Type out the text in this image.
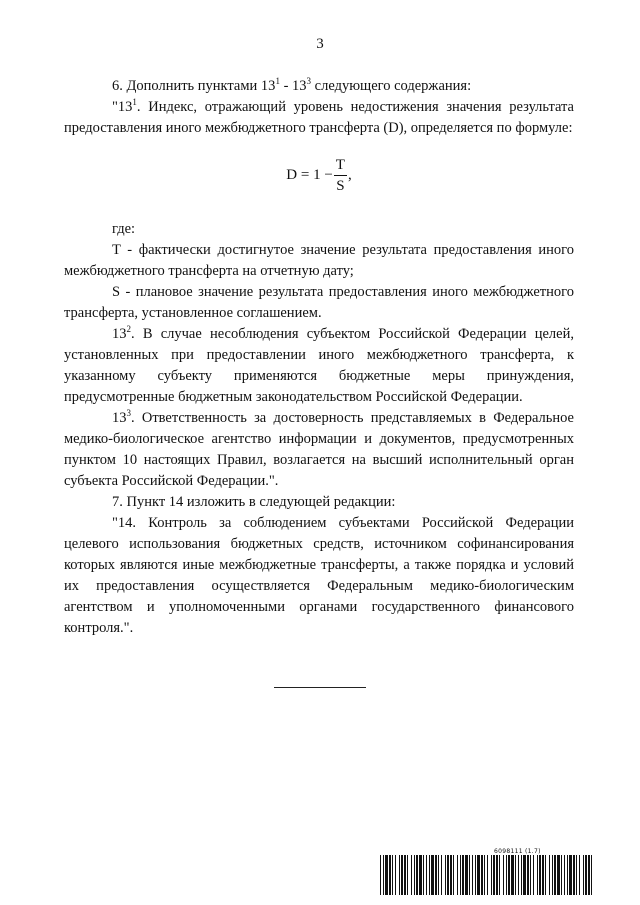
3

6. Дополнить пунктами $13^1 - 13^3$ следующего содержания:

"$13^1$. Индекс, отражающий уровень недостижения значения результата предоставления иного межбюджетного трансферта (D), определяется по формуле:

$D = 1 - \frac{T}{S}$ ,

где:

T - фактически достигнутое значение результата предоставления иного межбюджетного трансферта на отчетную дату;

S - плановое значение результата предоставления иного межбюджетного трансферта, установленное соглашением.

$13^2$. В случае несоблюдения субъектом Российской Федерации целей, установленных при предоставлении иного межбюджетного трансферта, к указанному субъекту применяются бюджетные меры принуждения, предусмотренные бюджетным законодательством Российской Федерации.

$13^3$. Ответственность за достоверность представляемых в Федеральное медико-биологическое агентство информации и документов, предусмотренных пунктом 10 настоящих Правил, возлагается на высший исполнительный орган субъекта Российской Федерации.".

7. Пункт 14 изложить в следующей редакции:

"14. Контроль за соблюдением субъектами Российской Федерации целевого использования бюджетных средств, источником софинансирования которых являются иные межбюджетные трансферты, а также порядка и условий их предоставления осуществляется Федеральным медико-биологическим агентством и уполномоченными органами государственного финансового контроля.".

6098111 (1.7)
